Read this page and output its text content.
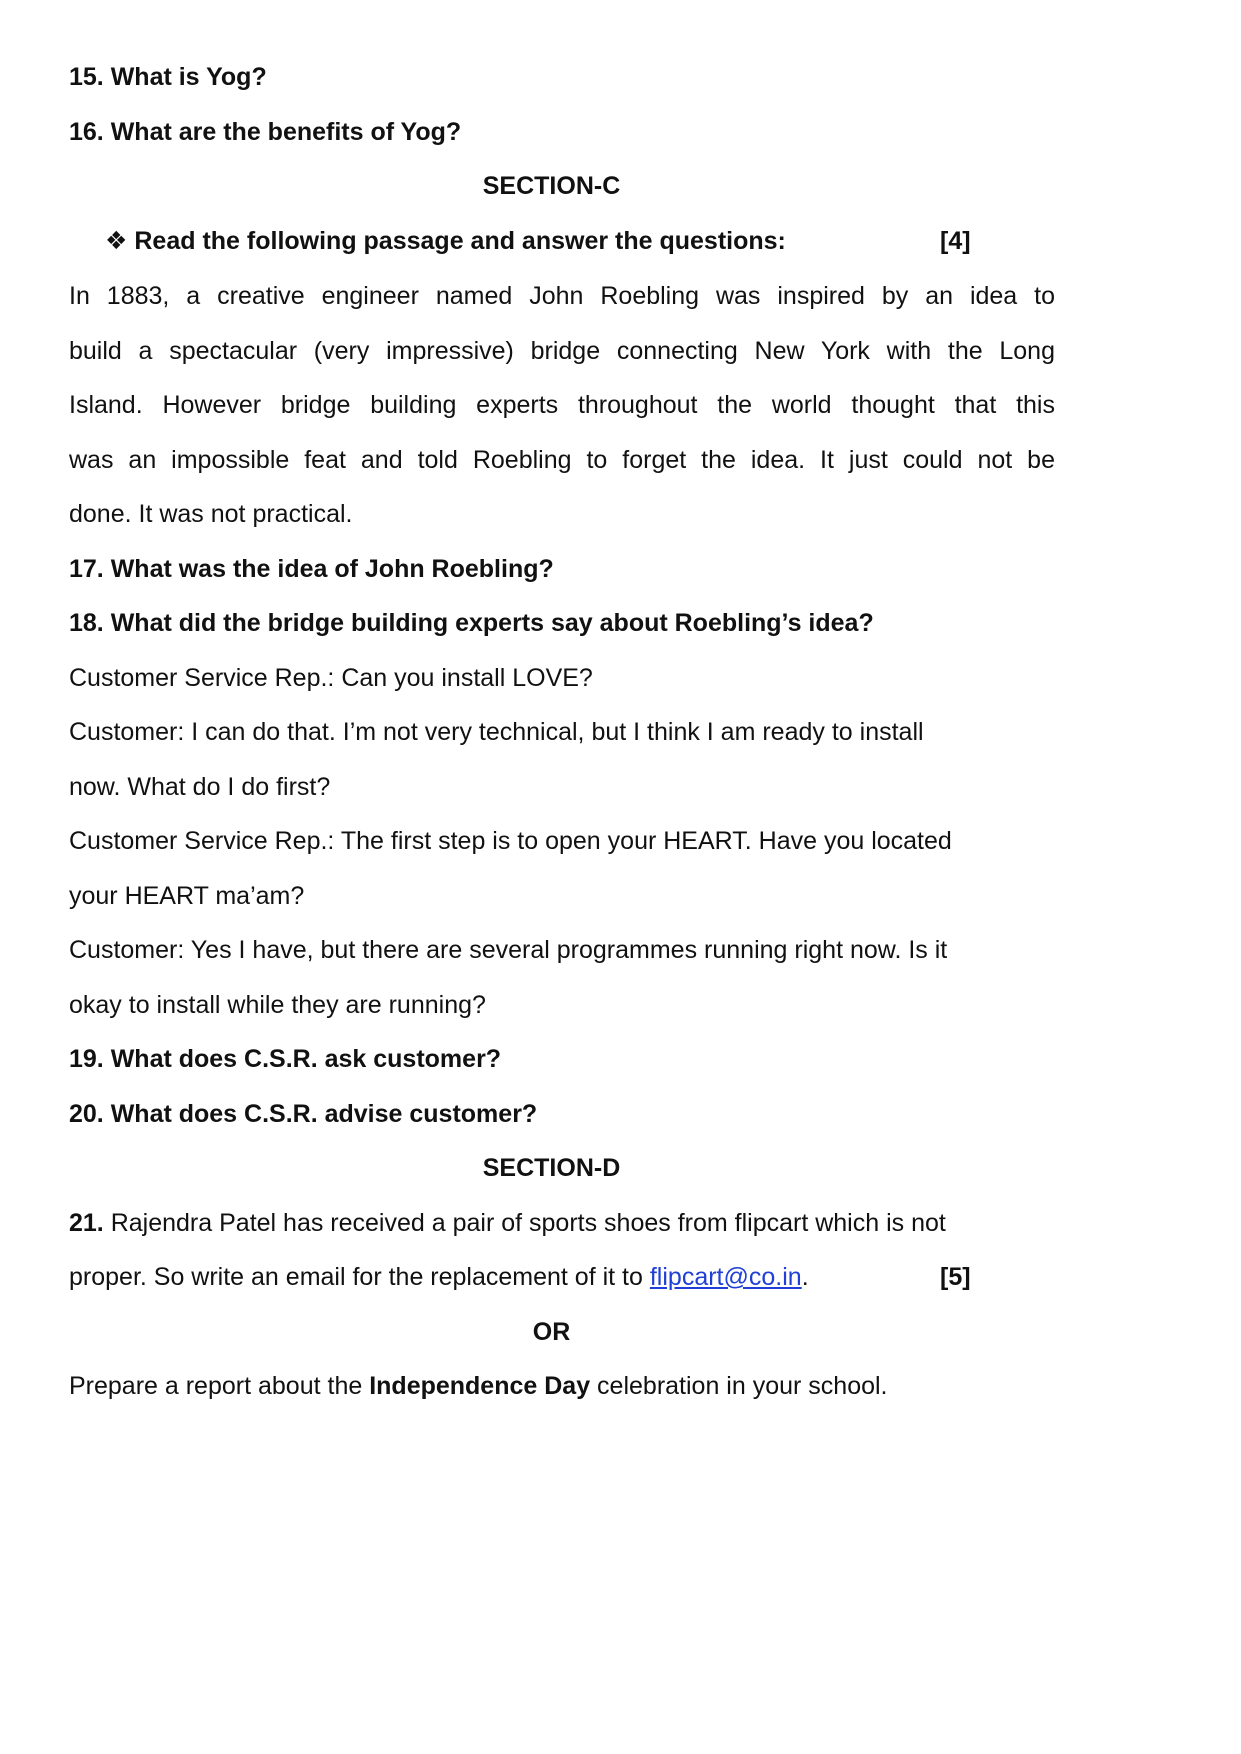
15. What is Yog?
16. What are the benefits of Yog?
SECTION-C
❖ Read the following passage and answer the questions:	[4]
In 1883, a creative engineer named John Roebling was inspired by an idea to
build a spectacular (very impressive) bridge connecting New York with the Long
Island. However bridge building experts throughout the world thought that this
was an impossible feat and told Roebling to forget the idea. It just could not be
done. It was not practical.
17. What was the idea of John Roebling?
18. What did the bridge building experts say about Roebling’s idea?
Customer Service Rep.: Can you install LOVE?
Customer: I can do that. I’m not very technical, but I think I am ready to install
now. What do I do first?
Customer Service Rep.: The first step is to open your HEART. Have you located
your HEART ma’am?
Customer: Yes I have, but there are several programmes running right now. Is it
okay to install while they are running?
19. What does C.S.R. ask customer?
20. What does C.S.R. advise customer?
SECTION-D
21. Rajendra Patel has received a pair of sports shoes from flipcart which is not
proper. So write an email for the replacement of it to flipcart@co.in.	[5]
OR
Prepare a report about the Independence Day celebration in your school.
